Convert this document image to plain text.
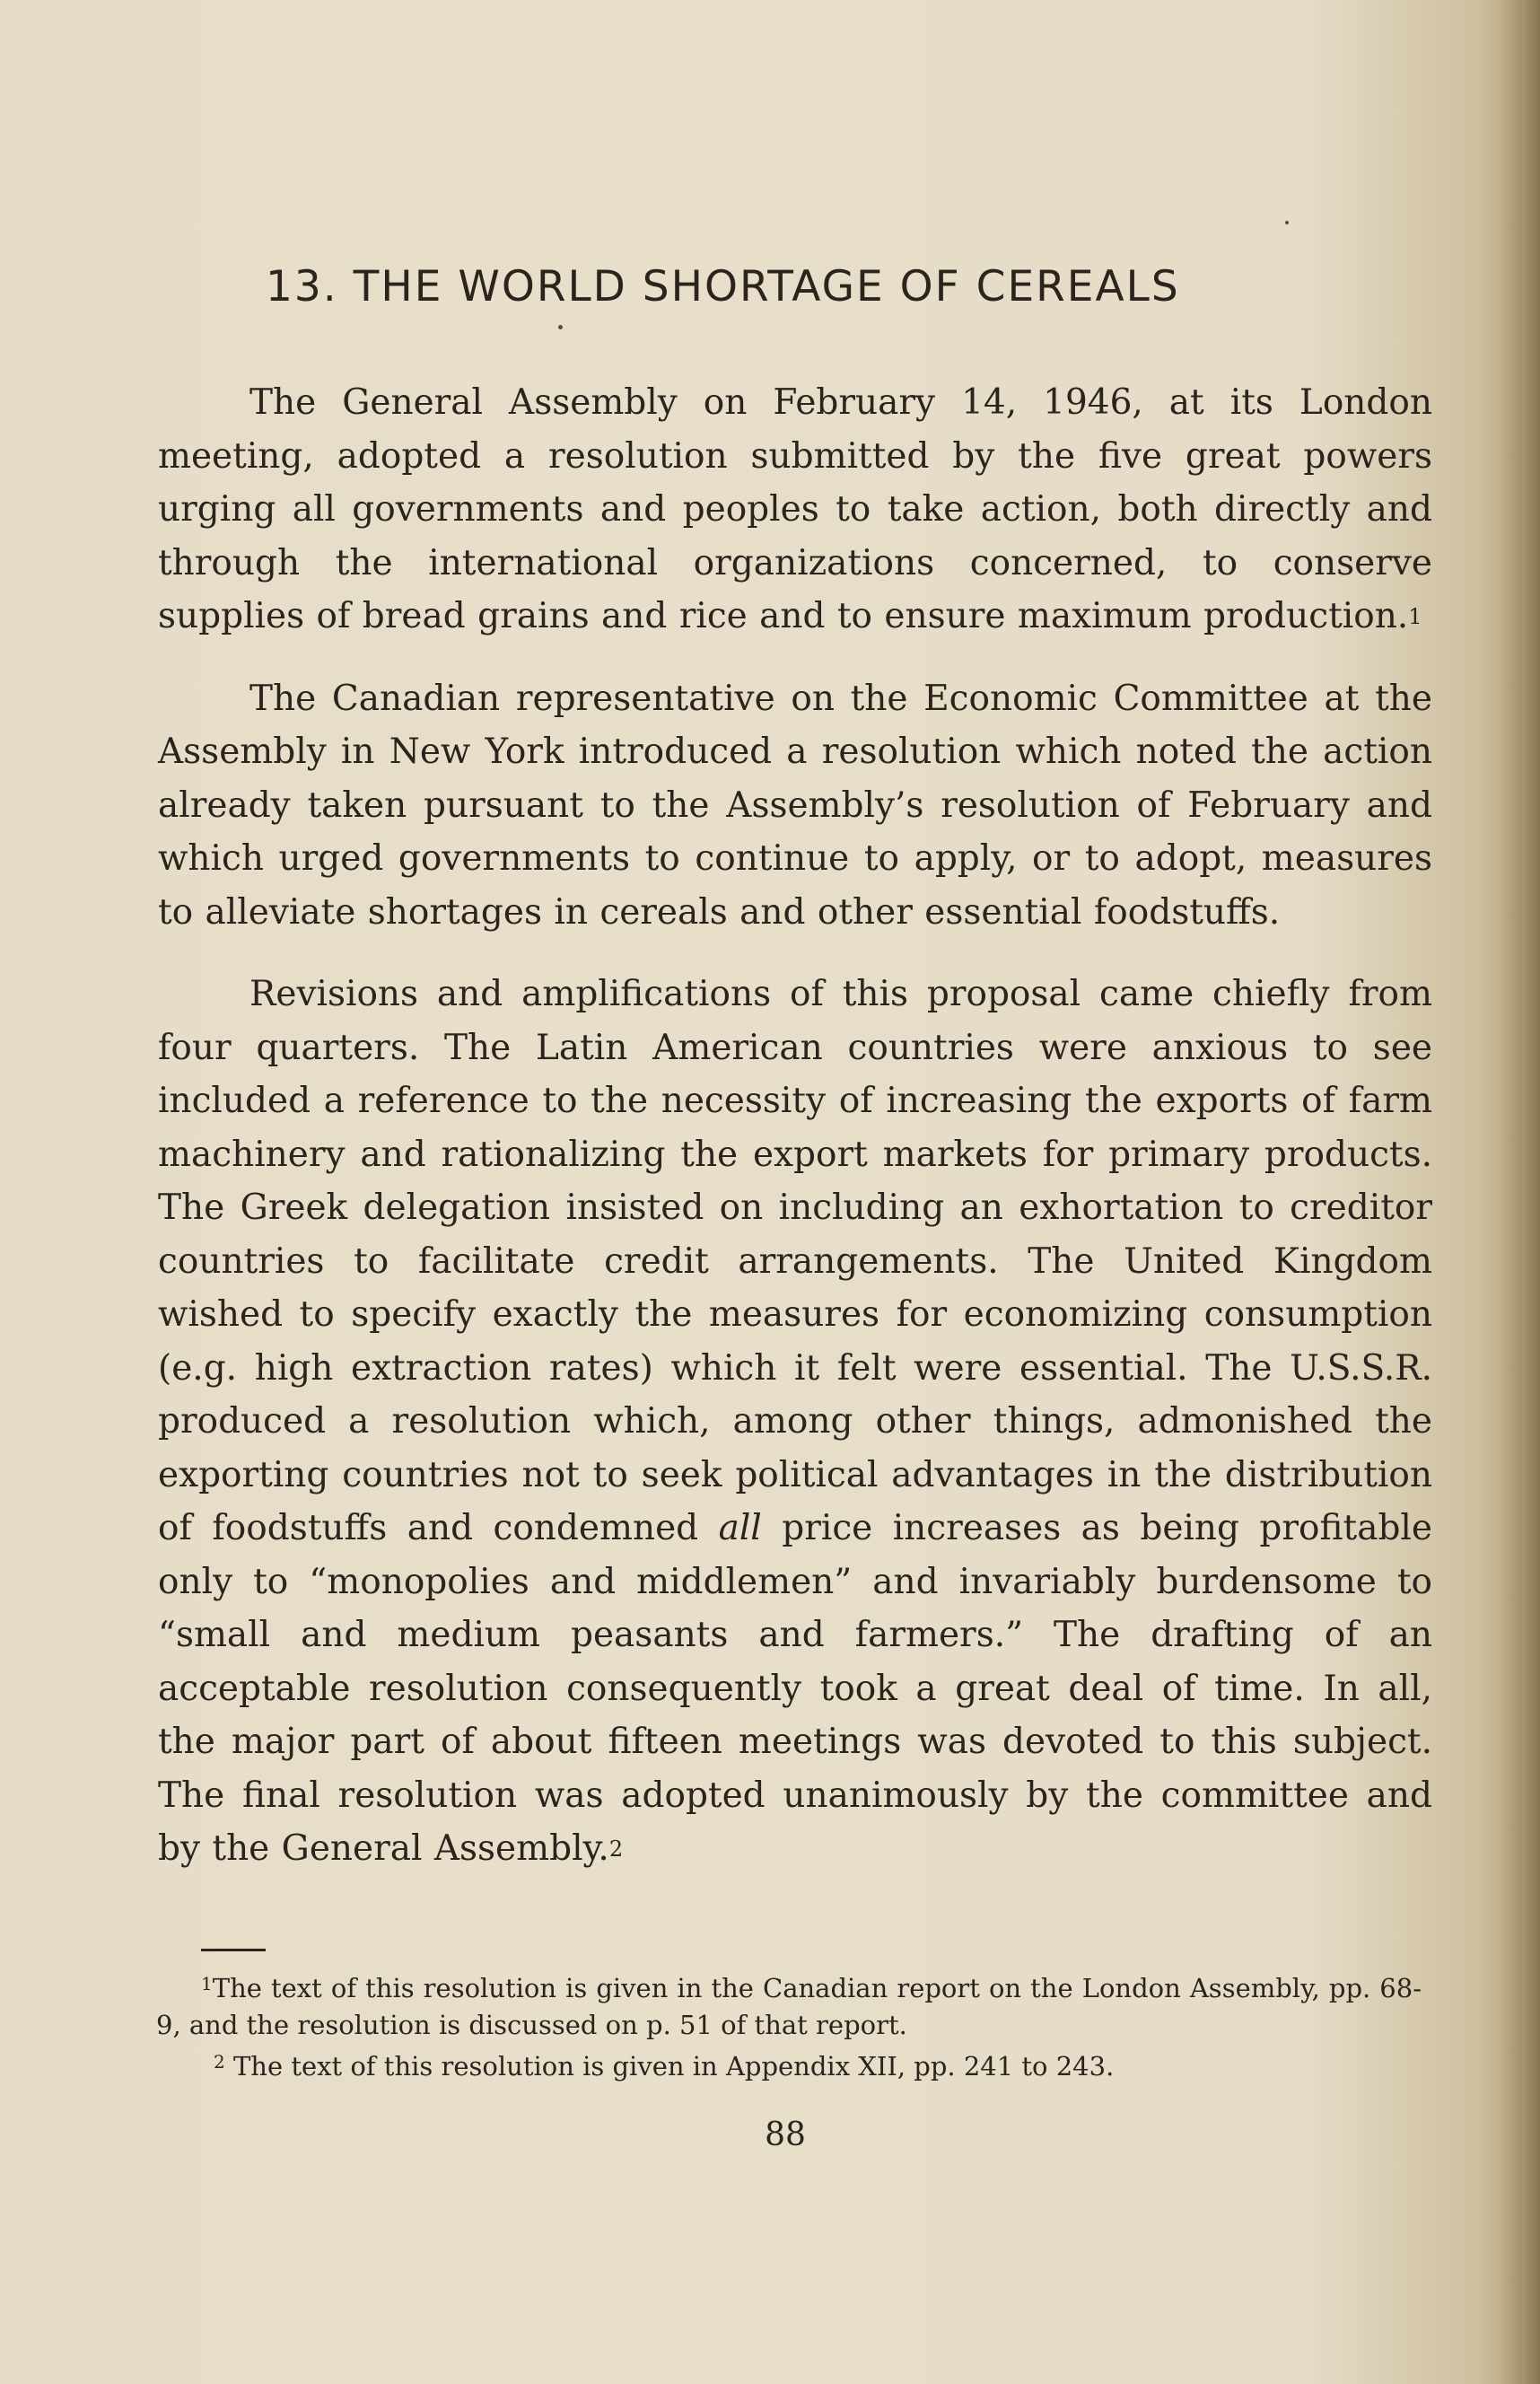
13. THE WORLD SHORTAGE OF CEREALS

The General Assembly on February 14, 1946, at its London meeting, adopted a resolution submitted by the five great powers urging all governments and peoples to take action, both directly and through the international organizations concerned, to conserve supplies of bread grains and rice and to ensure maximum production.$^1$

The Canadian representative on the Economic Committee at the Assembly in New York introduced a resolution which noted the action already taken pursuant to the Assembly’s resolution of February and which urged governments to continue to apply, or to adopt, measures to alleviate shortages in cereals and other essential foodstuffs.

Revisions and amplifications of this proposal came chiefly from four quarters. The Latin American countries were anxious to see included a reference to the necessity of increasing the exports of farm machinery and rationalizing the export markets for primary products. The Greek delegation insisted on including an exhortation to creditor countries to facilitate credit arrangements. The United Kingdom wished to specify exactly the measures for economizing consumption (e.g. high extraction rates) which it felt were essential. The U.S.S.R. produced a resolution which, among other things, admonished the exporting countries not to seek political advantages in the distribution of foodstuffs and condemned all price increases as being profitable only to “monopolies and middlemen” and invariably burdensome to “small and medium peasants and farmers.” The drafting of an acceptable resolution consequently took a great deal of time. In all, the major part of about fifteen meetings was devoted to this subject. The final resolution was adopted unanimously by the committee and by the General Assembly.$^2$

$^1$The text of this resolution is given in the Canadian report on the London Assembly, pp. 68-9, and the resolution is discussed on p. 51 of that report.

$^2$ The text of this resolution is given in Appendix XII, pp. 241 to 243.

88
